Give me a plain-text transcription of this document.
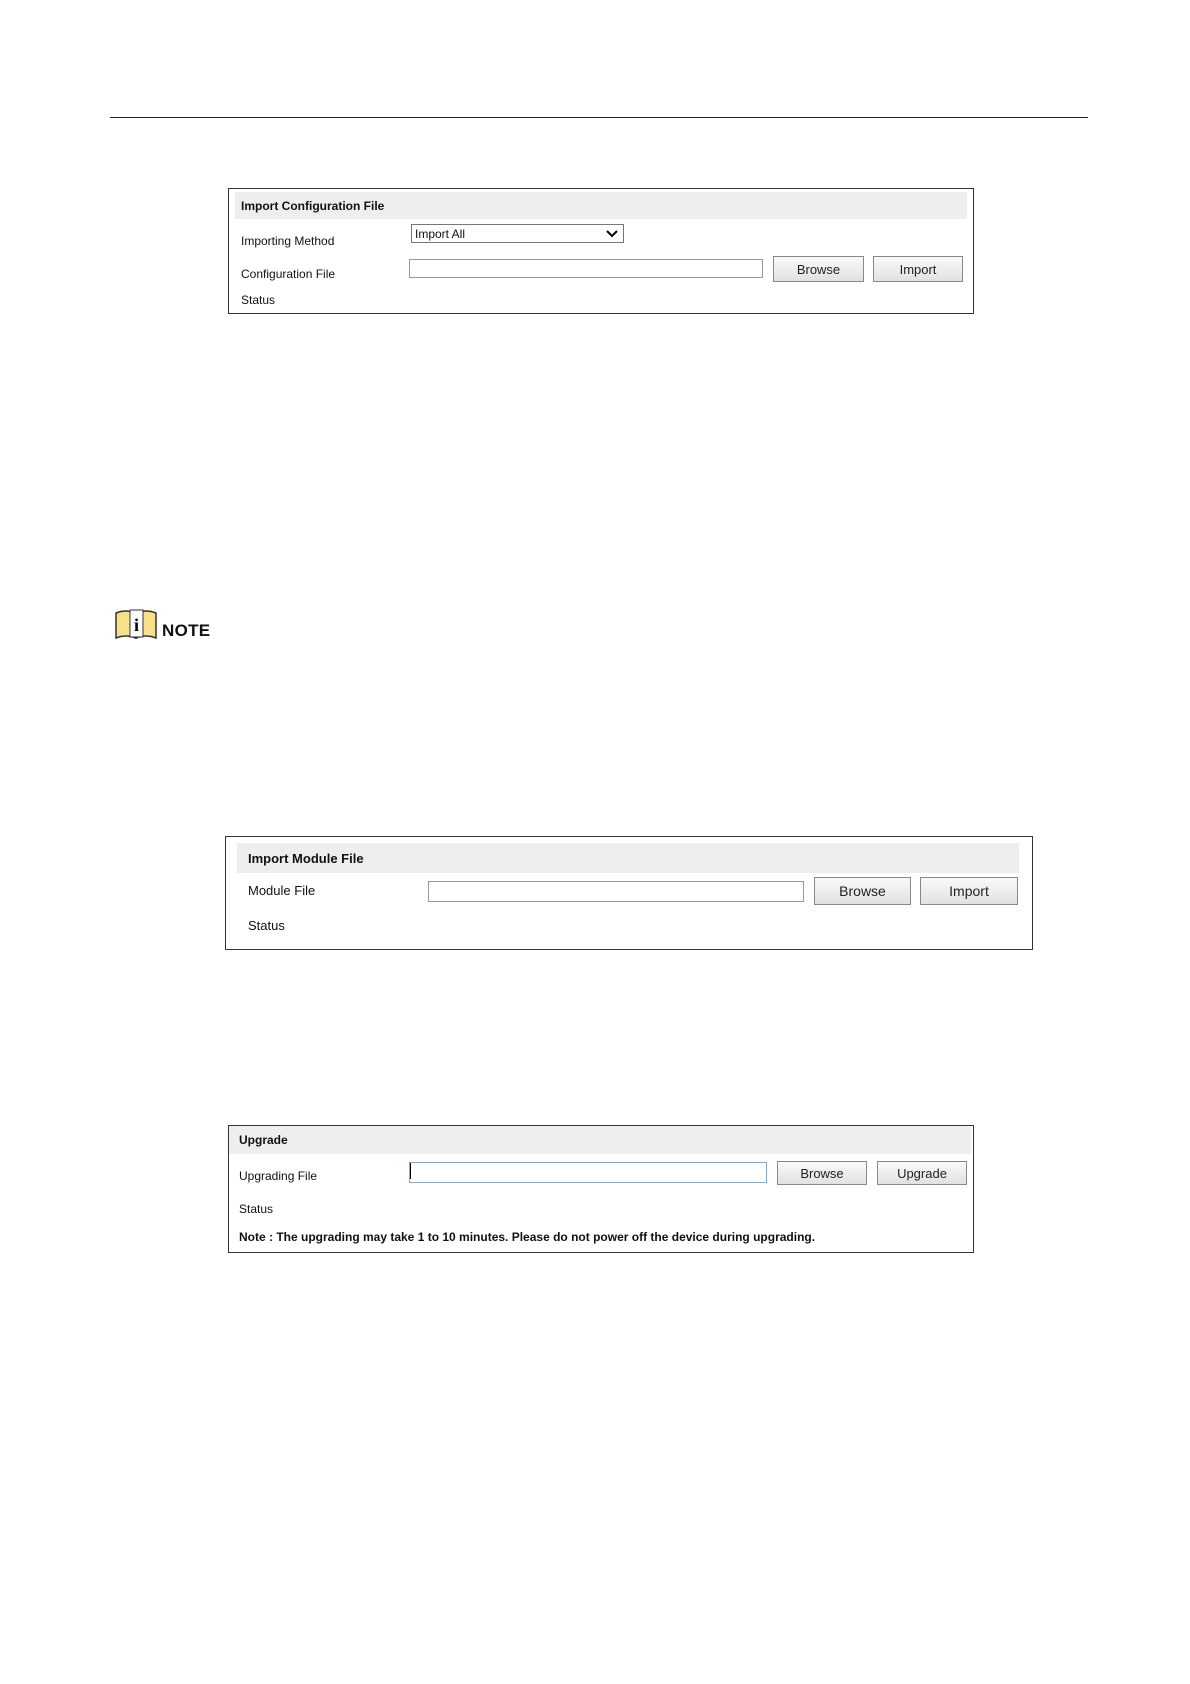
Import Configuration File
Importing Method
Import All
Configuration File	Browse	Import
Status
i NOTE
Import Module File
Module File	Browse	Import
Status
Upgrade
Upgrading File	Browse	Upgrade
Status
Note : The upgrading may take 1 to 10 minutes. Please do not power off the device during upgrading.
